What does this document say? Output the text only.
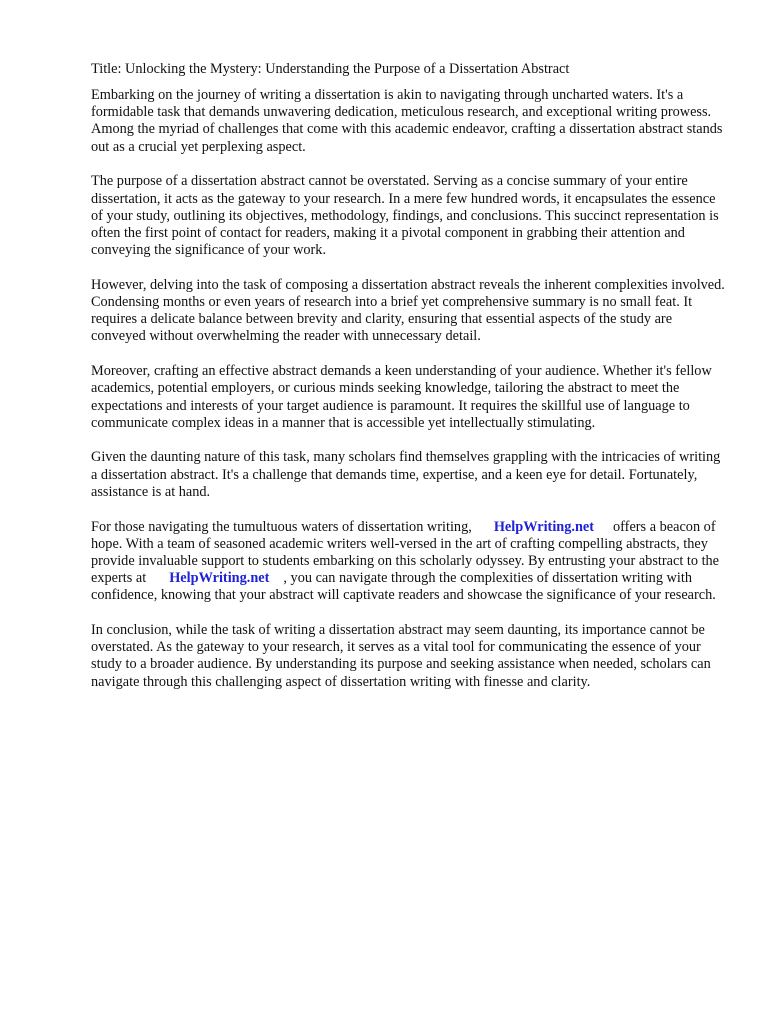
Title: Unlocking the Mystery: Understanding the Purpose of a Dissertation Abstract

Embarking on the journey of writing a dissertation is akin to navigating through uncharted waters. It's a formidable task that demands unwavering dedication, meticulous research, and exceptional writing prowess. Among the myriad of challenges that come with this academic endeavor, crafting a dissertation abstract stands out as a crucial yet perplexing aspect.

The purpose of a dissertation abstract cannot be overstated. Serving as a concise summary of your entire dissertation, it acts as the gateway to your research. In a mere few hundred words, it encapsulates the essence of your study, outlining its objectives, methodology, findings, and conclusions. This succinct representation is often the first point of contact for readers, making it a pivotal component in grabbing their attention and conveying the significance of your work.

However, delving into the task of composing a dissertation abstract reveals the inherent complexities involved. Condensing months or even years of research into a brief yet comprehensive summary is no small feat. It requires a delicate balance between brevity and clarity, ensuring that essential aspects of the study are conveyed without overwhelming the reader with unnecessary detail.

Moreover, crafting an effective abstract demands a keen understanding of your audience. Whether it's fellow academics, potential employers, or curious minds seeking knowledge, tailoring the abstract to meet the expectations and interests of your target audience is paramount. It requires the skillful use of language to communicate complex ideas in a manner that is accessible yet intellectually stimulating.

Given the daunting nature of this task, many scholars find themselves grappling with the intricacies of writing a dissertation abstract. It's a challenge that demands time, expertise, and a keen eye for detail. Fortunately, assistance is at hand.

For those navigating the tumultuous waters of dissertation writing, HelpWriting.net offers a beacon of hope. With a team of seasoned academic writers well-versed in the art of crafting compelling abstracts, they provide invaluable support to students embarking on this scholarly odyssey. By entrusting your abstract to the experts at HelpWriting.net , you can navigate through the complexities of dissertation writing with confidence, knowing that your abstract will captivate readers and showcase the significance of your research.

In conclusion, while the task of writing a dissertation abstract may seem daunting, its importance cannot be overstated. As the gateway to your research, it serves as a vital tool for communicating the essence of your study to a broader audience. By understanding its purpose and seeking assistance when needed, scholars can navigate through this challenging aspect of dissertation writing with finesse and clarity.
